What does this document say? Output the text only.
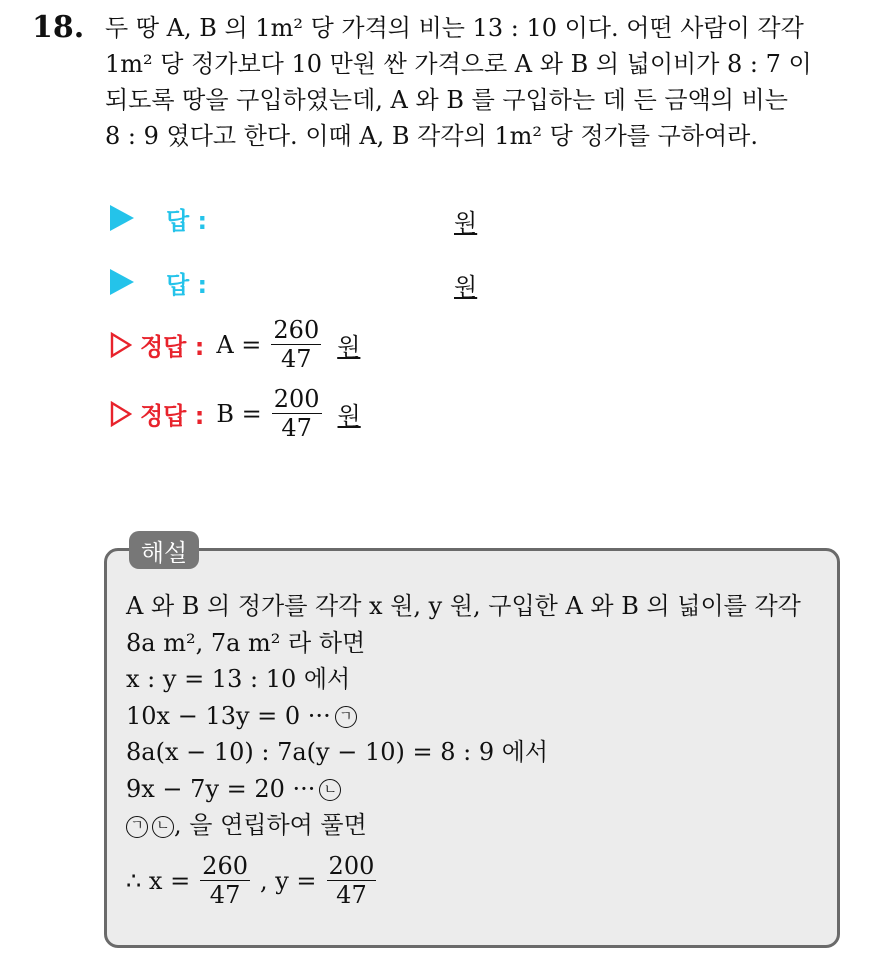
18. 두 땅 A, B 의 1m² 당 가격의 비는 13 : 10 이다. 어떤 사람이 각각
1m² 당 정가보다 10 만원 싼 가격으로 A 와 B 의 넓이비가 8 : 7 이
되도록 땅을 구입하였는데, A 와 B 를 구입하는 데 든 금액의 비는
8 : 9 였다고 한다. 이때 A, B 각각의 1m² 당 정가를 구하여라.
답 :	원
답 :	원
정답 : $A = \frac{260}{47}$ 원
정답 : $B = \frac{200}{47}$ 원
해설
A 와 B 의 정가를 각각 x 원, y 원, 구입한 A 와 B 의 넓이를 각각
8a m², 7a m² 라 하면
x : y = 13 : 10 에서
10x − 13y = 0 ··· ㄱ
8a(x − 10) : 7a(y − 10) = 8 : 9 에서
9x − 7y = 20 ··· ㄴ
ㄱ ㄴ , 을 연립하여 풀면
∴ $x = \frac{260}{47}$ , $y = \frac{200}{47}$
